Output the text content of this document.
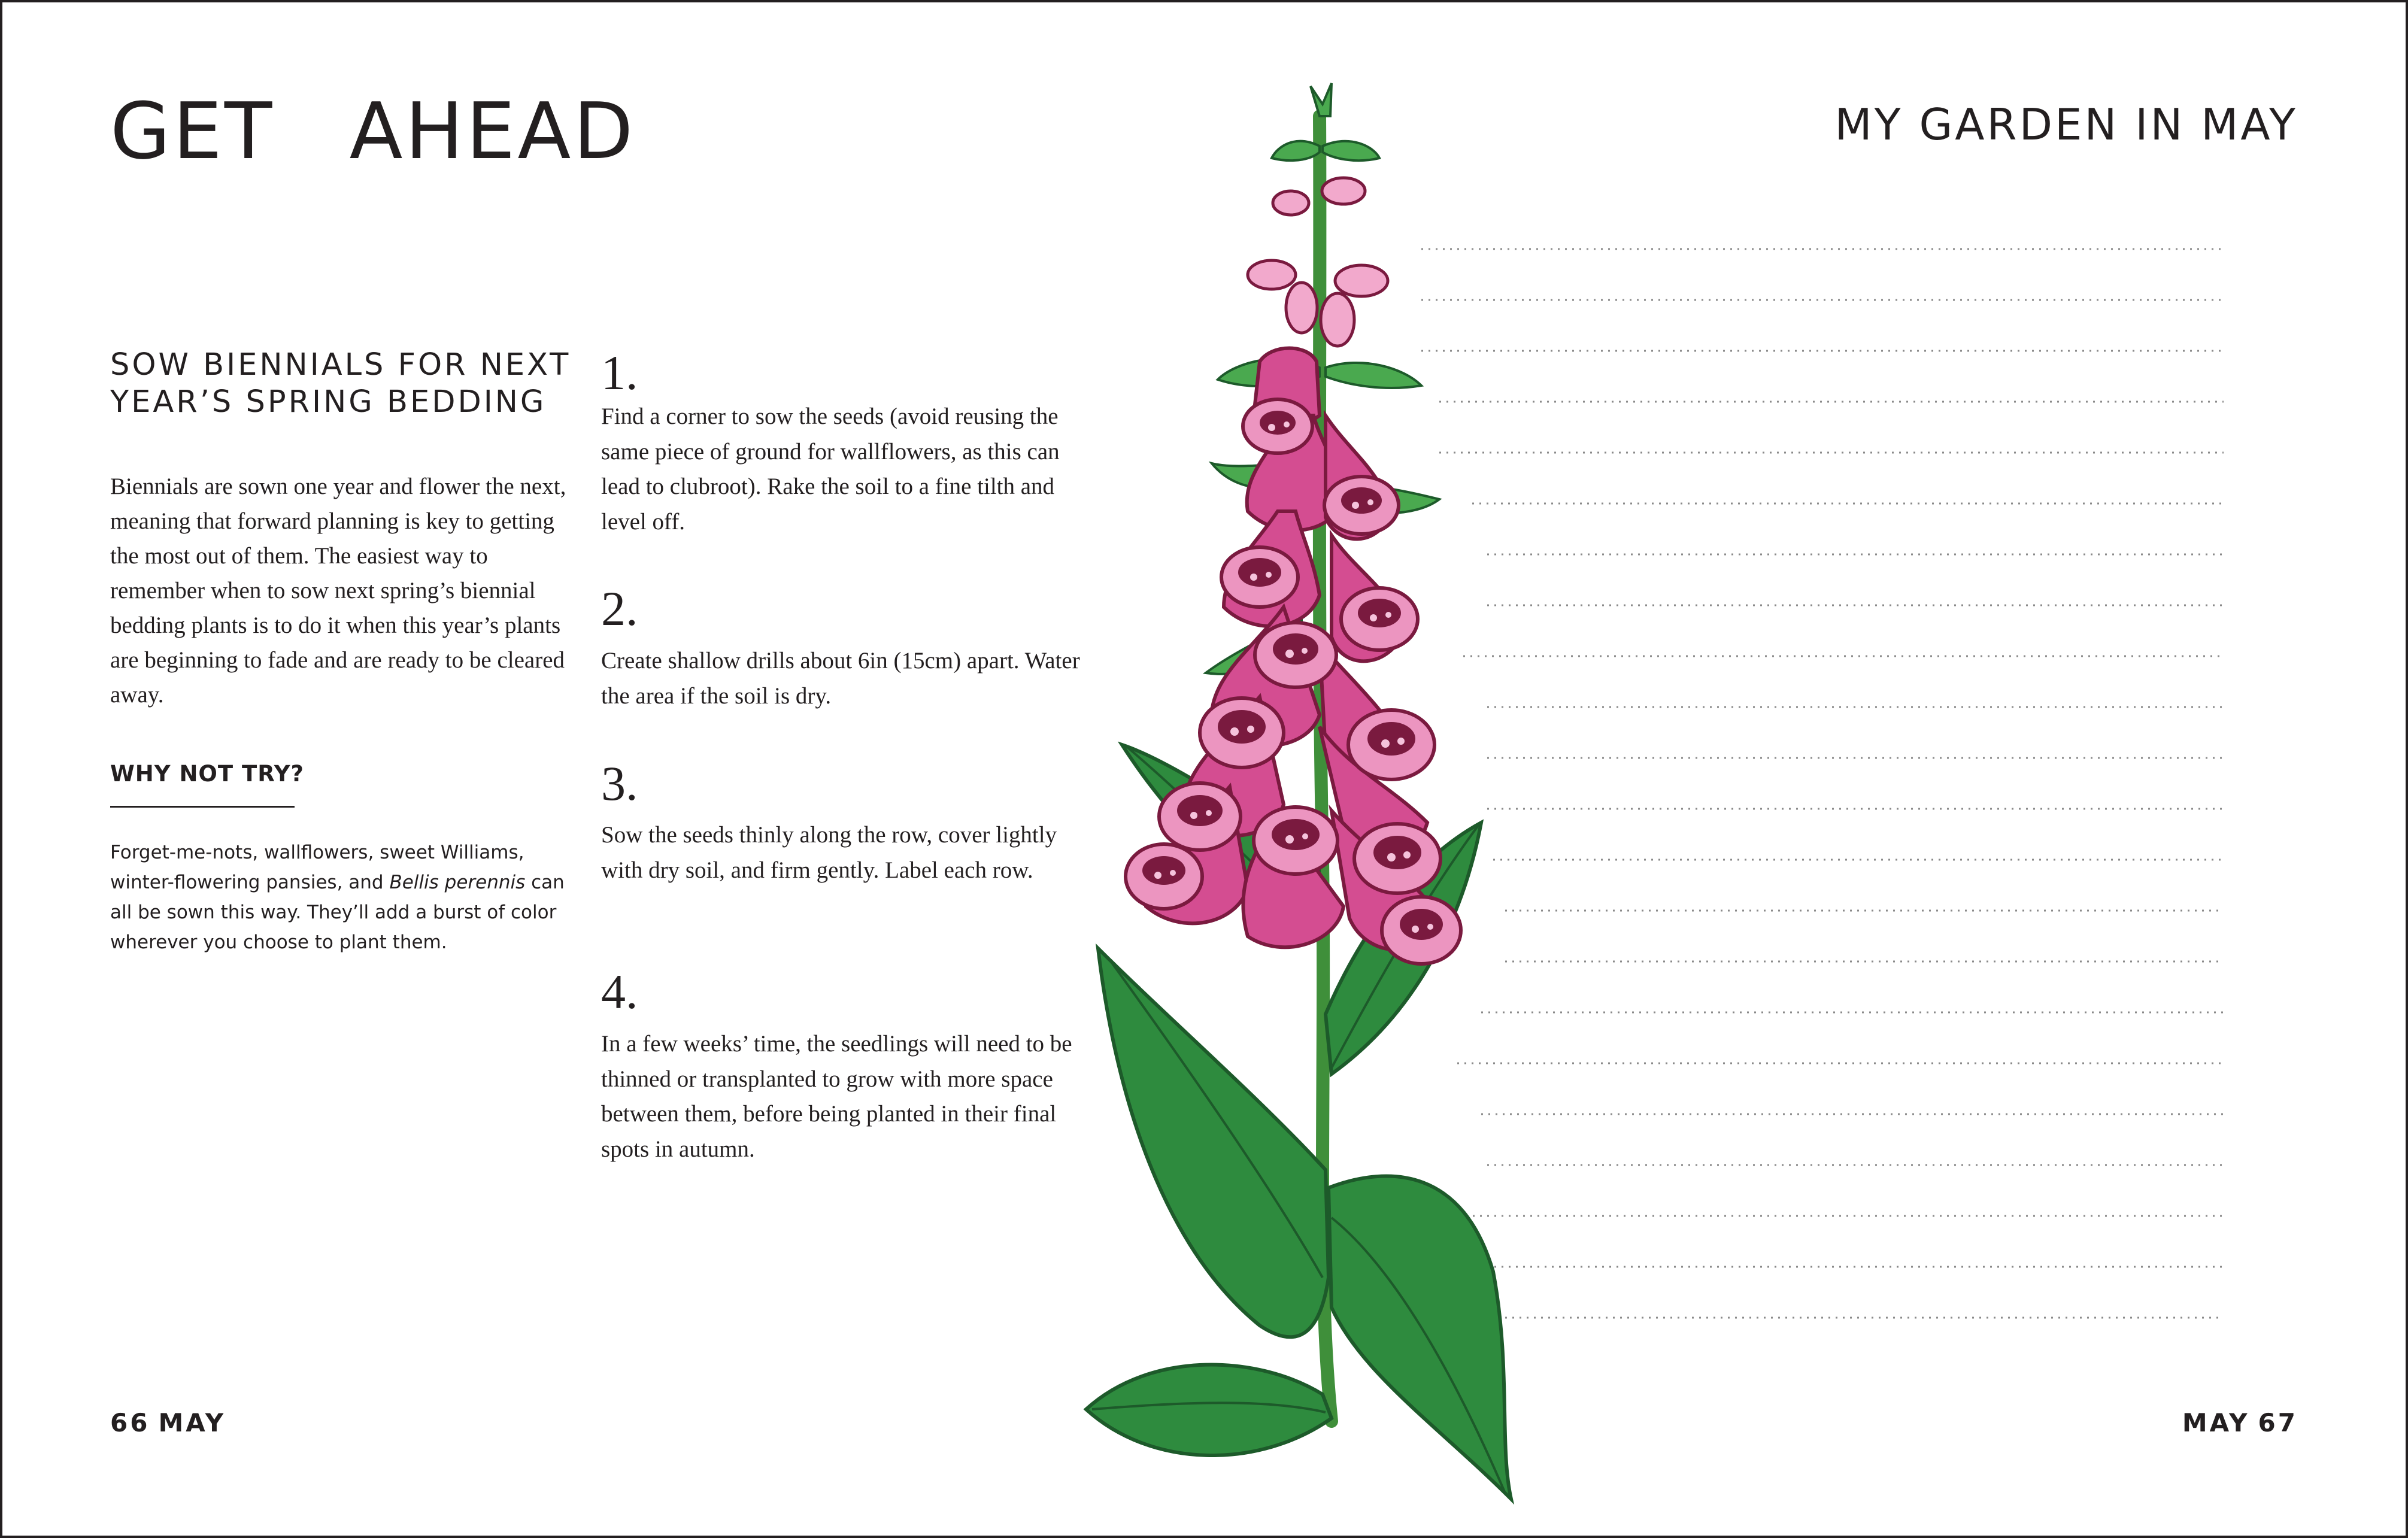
GET AHEAD
SOW BIENNIALS FOR NEXT YEAR’S SPRING BEDDING

Biennials are sown one year and flower the next, meaning that forward planning is key to getting the most out of them. The easiest way to remember when to sow next spring’s biennial bedding plants is to do it when this year’s plants are beginning to fade and are ready to be cleared away.

WHY NOT TRY?

Forget-me-nots, wallflowers, sweet Williams, winter-flowering pansies, and Bellis perennis can all be sown this way. They’ll add a burst of color wherever you choose to plant them.

1.

Find a corner to sow the seeds (avoid reusing the same piece of ground for wallflowers, as this can lead to clubroot). Rake the soil to a fine tilth and level off.

2.

Create shallow drills about 6in (15cm) apart. Water the area if the soil is dry.

3.

Sow the seeds thinly along the row, cover lightly with dry soil, and firm gently. Label each row.

4.

In a few weeks’ time, the seedlings will need to be thinned or transplanted to grow with more space between them, before being planted in their final spots in autumn.

66 MAY
MY GARDEN IN MAY
MAY 67
